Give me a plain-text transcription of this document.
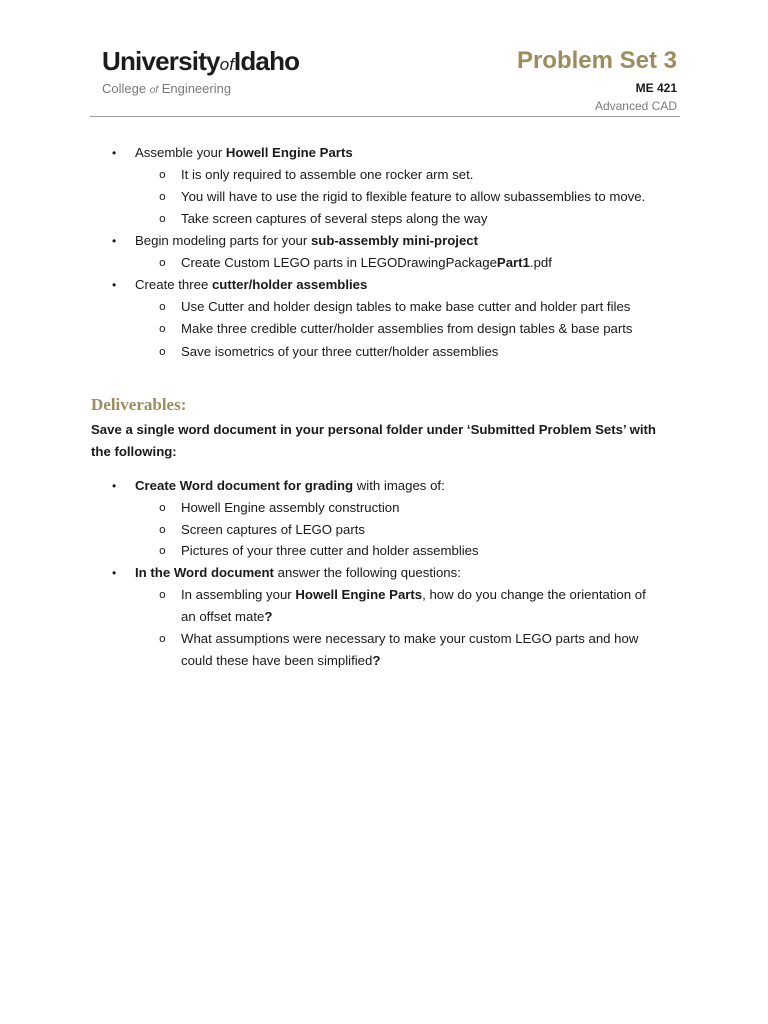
UniversityofIdaho
College of Engineering
Problem Set 3
ME 421
Advanced CAD
• Assemble your Howell Engine Parts
o It is only required to assemble one rocker arm set.
o You will have to use the rigid to flexible feature to allow subassemblies to move.
o Take screen captures of several steps along the way
• Begin modeling parts for your sub-assembly mini-project
o Create Custom LEGO parts in LEGODrawingPackagePart1.pdf
• Create three cutter/holder assemblies
o Use Cutter and holder design tables to make base cutter and holder part files
o Make three credible cutter/holder assemblies from design tables & base parts
o Save isometrics of your three cutter/holder assemblies
Deliverables:
Save a single word document in your personal folder under ‘Submitted Problem Sets’ with the following:
• Create Word document for grading with images of:
o Howell Engine assembly construction
o Screen captures of LEGO parts
o Pictures of your three cutter and holder assemblies
• In the Word document answer the following questions:
o In assembling your Howell Engine Parts, how do you change the orientation of
an offset mate?
o What assumptions were necessary to make your custom LEGO parts and how
could these have been simplified?
